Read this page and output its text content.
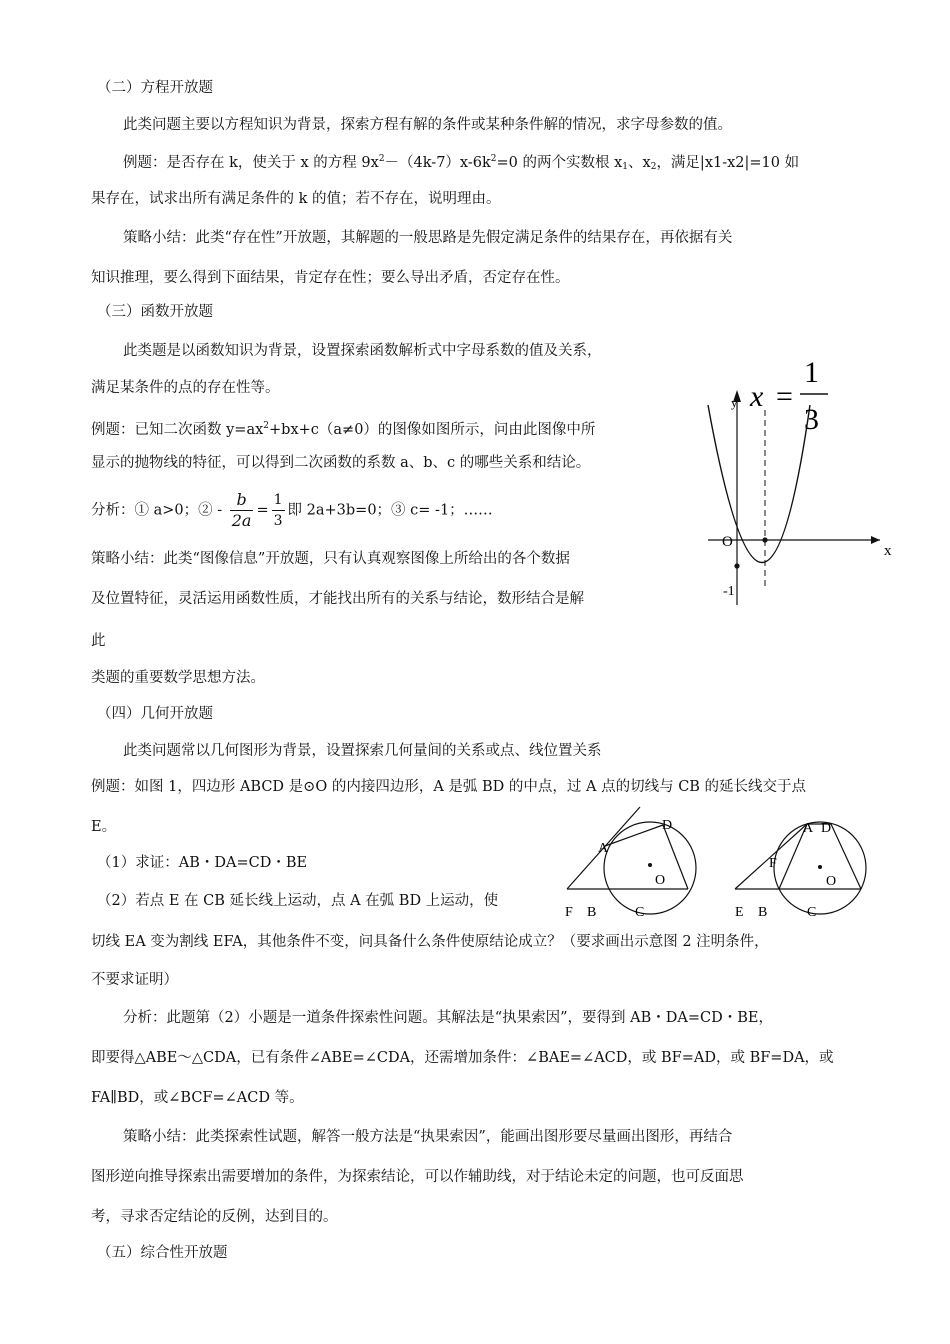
（二）方程开放题
此类问题主要以方程知识为背景，探索方程有解的条件或某种条件解的情况，求字母参数的值。
例题：是否存在 k，使关于 x 的方程 $9x^2-(4k-7)x-6k^2=0$ 的两个实数根 $x_1$、$x_2$，满足|x1-x2|=10 如
果存在，试求出所有满足条件的 k 的值；若不存在，说明理由。
策略小结：此类“存在性”开放题，其解题的一般思路是先假定满足条件的结果存在，再依据有关
知识推理，要么得到下面结果，肯定存在性；要么导出矛盾，否定存在性。
（三）函数开放题
此类题是以函数知识为背景，设置探索函数解析式中字母系数的值及关系，
满足某条件的点的存在性等。
例题：已知二次函数 $y=ax^2+bx+c(a\ne 0)$的图像如图所示，问由此图像中所
显示的抛物线的特征，可以得到二次函数的系数 a、b、c 的哪些关系和结论。
分析：① a>0；② - $\frac{b}{2a} = \frac{1}{3}$ 即 2a+3b=0；③ c= -1；……
策略小结：此类“图像信息”开放题，只有认真观察图像上所给出的各个数据
及位置特征，灵活运用函数性质，才能找出所有的关系与结论，数形结合是解
此
类题的重要数学思想方法。
x =
1
3
y
x
O
-1
（四）几何开放题
此类问题常以几何图形为背景，设置探索几何量间的关系或点、线位置关系
例题：如图 1，四边形 ABCD 是⊙O 的内接四边形，A 是弧 BD 的中点，过 A 点的切线与 CB 的延长线交于点
E。
（1）求证：AB・DA=CD・BE
（2）若点 E 在 CB 延长线上运动，点 A 在弧 BD 上运动，使
切线 EA 变为割线 EFA，其他条件不变，问具备什么条件使原结论成立？（要求画出示意图 2 注明条件，
不要求证明）
分析：此题第（2）小题是一道条件探索性问题。其解法是“执果索因”，要得到 AB・DA=CD・BE，
即要得△ABE～△CDA，已有条件∠ABE=∠CDA，还需增加条件：∠BAE=∠ACD，或 BF=AD，或 BF=DA，或
FA∥BD，或∠BCF=∠ACD 等。
策略小结：此类探索性试题，解答一般方法是“执果索因”，能画出图形要尽量画出图形，再结合
图形逆向推导探索出需要增加的条件，为探索结论，可以作辅助线，对于结论未定的问题，也可反面思
考，寻求否定结论的反例，达到目的。
A
D
O
F B	C
A D
F
O
E B	C
（五）综合性开放题
